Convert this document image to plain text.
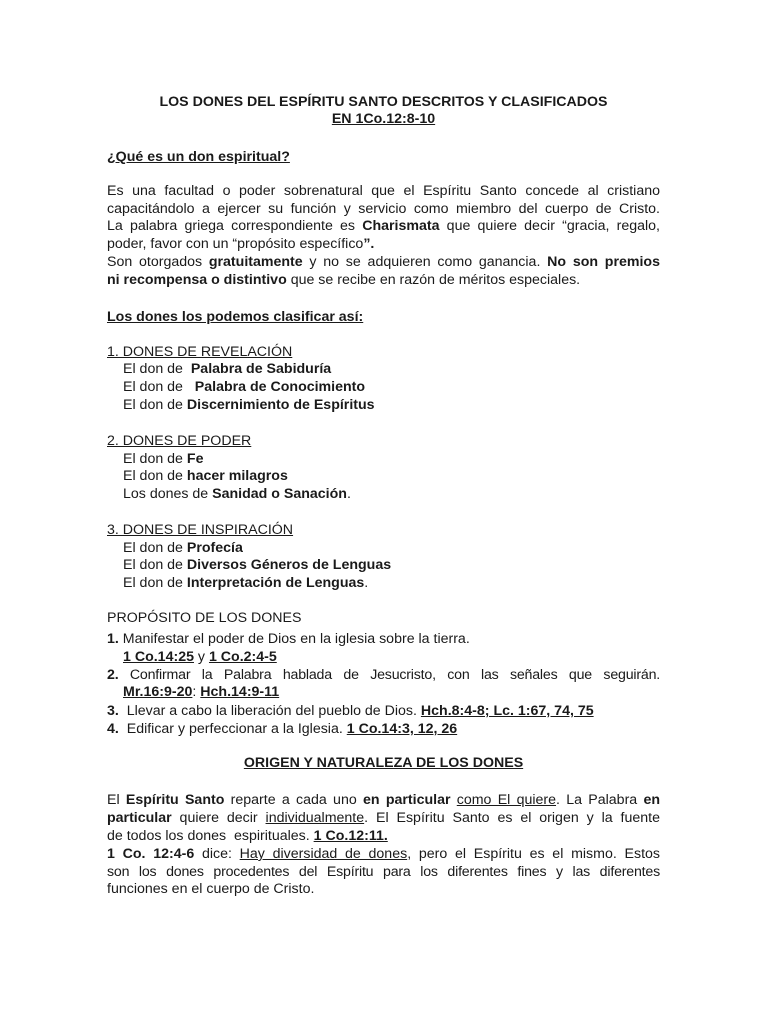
LOS DONES DEL ESPÍRITU SANTO DESCRITOS Y CLASIFICADOS
EN 1Co.12:8-10
¿Qué es un don espiritual?
Es una facultad o poder sobrenatural que el Espíritu Santo concede al cristiano
capacitándolo a ejercer su función y servicio como miembro del cuerpo de Cristo.
La palabra griega correspondiente es Charismata que quiere decir “gracia, regalo,
poder, favor con un “propósito específico”.
Son otorgados gratuitamente y no se adquieren como ganancia. No son premios
ni recompensa o distintivo que se recibe en razón de méritos especiales.
Los dones los podemos clasificar así:
1. DONES DE REVELACIÓN
El don de  Palabra de Sabiduría
El don de   Palabra de Conocimiento
El don de Discernimiento de Espíritus
2. DONES DE PODER
El don de Fe
El don de hacer milagros
Los dones de Sanidad o Sanación.
3. DONES DE INSPIRACIÓN
El don de Profecía
El don de Diversos Géneros de Lenguas
El don de Interpretación de Lenguas.
PROPÓSITO DE LOS DONES
1. Manifestar el poder de Dios en la iglesia sobre la tierra.
1 Co.14:25 y 1 Co.2:4-5
2. Confirmar la Palabra hablada de Jesucristo, con las señales que seguirán.
Mr.16:9-20: Hch.14:9-11
3.  Llevar a cabo la liberación del pueblo de Dios. Hch.8:4-8; Lc. 1:67, 74, 75
4.  Edificar y perfeccionar a la Iglesia. 1 Co.14:3, 12, 26
ORIGEN Y NATURALEZA DE LOS DONES
El Espíritu Santo reparte a cada uno en particular como El quiere. La Palabra en
particular quiere decir individualmente. El Espíritu Santo es el origen y la fuente
de todos los dones  espirituales. 1 Co.12:11.
1 Co. 12:4-6 dice: Hay diversidad de dones, pero el Espíritu es el mismo. Estos
son los dones procedentes del Espíritu para los diferentes fines y las diferentes
funciones en el cuerpo de Cristo.
